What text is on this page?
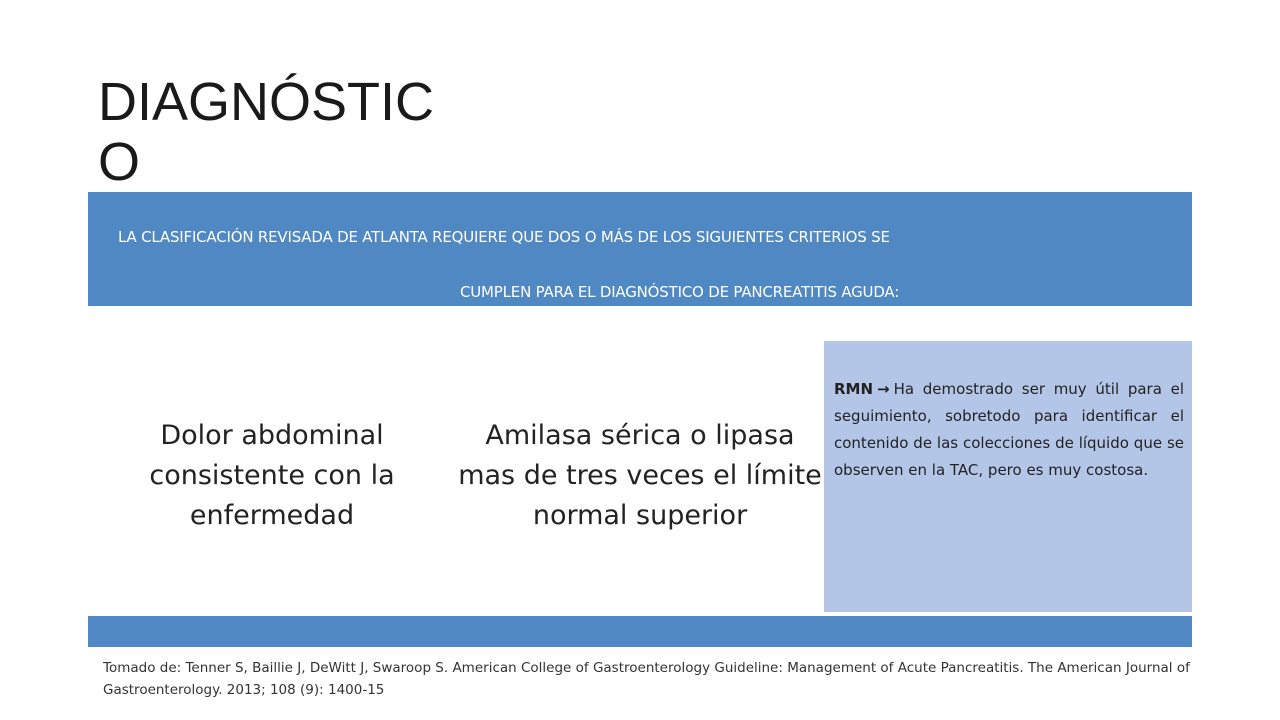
DIAGNÓSTICO
LA CLASIFICACIÓN REVISADA DE ATLANTA REQUIERE QUE DOS O MÁS DE LOS SIGUIENTES CRITERIOS SE
CUMPLEN PARA EL DIAGNÓSTICO DE PANCREATITIS AGUDA:
Dolor abdominal consistente con la enfermedad
Amilasa sérica o lipasa mas de tres veces el límite normal superior
RMN → Ha demostrado ser muy útil para el seguimiento, sobretodo para identificar el contenido de las colecciones de líquido que se observen en la TAC, pero es muy costosa.
Tomado de: Tenner S, Baillie J, DeWitt J, Swaroop S. American College of Gastroenterology Guideline: Management of Acute Pancreatitis. The American Journal of Gastroenterology. 2013; 108 (9): 1400-15
